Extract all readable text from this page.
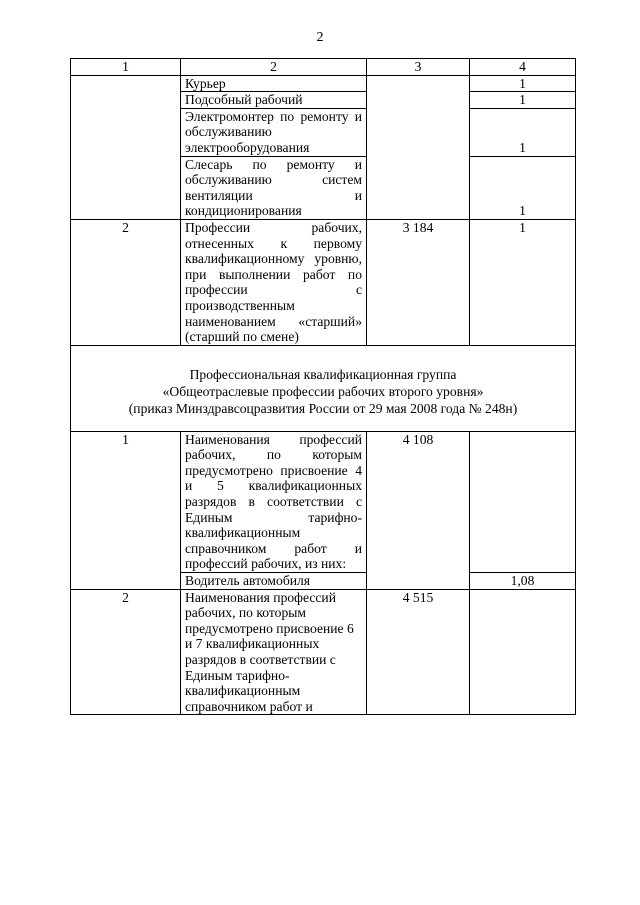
2
1	2	3	4
	Курьер		1
	Подсобный рабочий		1
	Электромонтер по ремонту и обслуживанию электрооборудования		1
	Слесарь по ремонту и обслуживанию систем вентиляции и кондиционирования		1
2	Профессии рабочих, отнесенных к первому квалификационному уровню, при выполнении работ по профессии с производственным наименованием «старший» (старший по смене)	3 184	1

Профессиональная квалификационная группа
«Общеотраслевые профессии рабочих второго уровня»
(приказ Минздравсоцразвития России от 29 мая 2008 года № 248н)			

1	Наименования профессий рабочих, по которым предусмотрено присвоение 4 и 5 квалификационных разрядов в соответствии с Единым тарифно-квалификационным справочником работ и профессий рабочих, из них:	4 108	
	Водитель автомобиля		1,08
2	Наименования профессий рабочих, по которым предусмотрено присвоение 6 и 7 квалификационных разрядов в соответствии с Единым тарифно-квалификационным справочником работ и	4 515	
